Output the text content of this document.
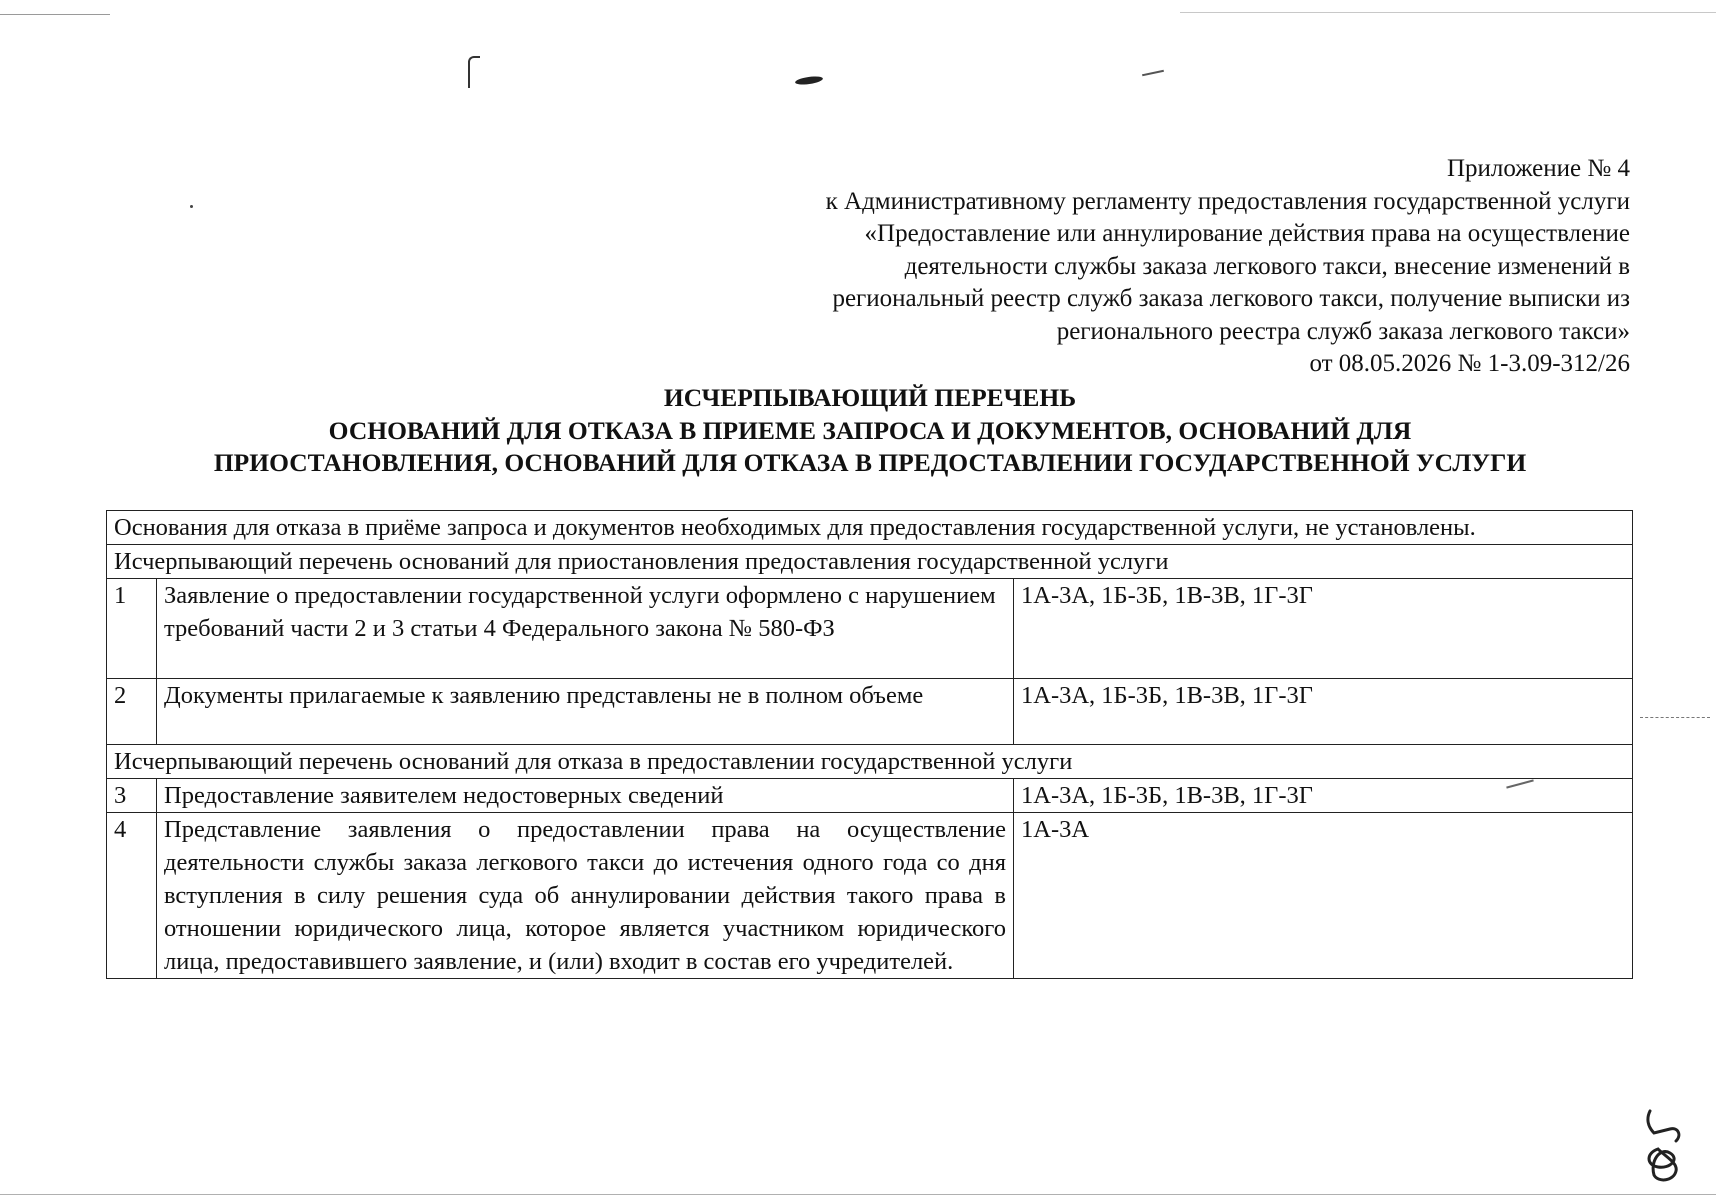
Приложение № 4
к Административному регламенту предоставления государственной услуги
«Предоставление или аннулирование действия права на осуществление
деятельности службы заказа легкового такси, внесение изменений в
региональный реестр служб заказа легкового такси, получение выписки из
регионального реестра служб заказа легкового такси»
от 08.05.2026 № 1-3.09-312/26
ИСЧЕРПЫВАЮЩИЙ ПЕРЕЧЕНЬ
ОСНОВАНИЙ ДЛЯ ОТКАЗА В ПРИЕМЕ ЗАПРОСА И ДОКУМЕНТОВ, ОСНОВАНИЙ ДЛЯ
ПРИОСТАНОВЛЕНИЯ, ОСНОВАНИЙ ДЛЯ ОТКАЗА В ПРЕДОСТАВЛЕНИИ ГОСУДАРСТВЕННОЙ УСЛУГИ
Основания для отказа в приёме запроса и документов необходимых для предоставления государственной услуги, не установлены.		
Исчерпывающий перечень оснований для приостановления предоставления государственной услуги		
1	Заявление о предоставлении государственной услуги оформлено с нарушением требований части 2 и 3 статьи 4 Федерального закона № 580-ФЗ	1А-3А, 1Б-3Б, 1В-3В, 1Г-3Г
2	Документы прилагаемые к заявлению представлены не в полном объеме	1А-3А, 1Б-3Б, 1В-3В, 1Г-3Г
Исчерпывающий перечень оснований для отказа в предоставлении государственной услуги		
3	Предоставление заявителем недостоверных сведений	1А-3А, 1Б-3Б, 1В-3В, 1Г-3Г
4	Представление заявления о предоставлении права на осуществление деятельности службы заказа легкового такси до истечения одного года со дня вступления в силу решения суда об аннулировании действия такого права в отношении юридического лица, которое является участником юридического лица, предоставившего заявление, и (или) входит в состав его учредителей.	1А-3А
